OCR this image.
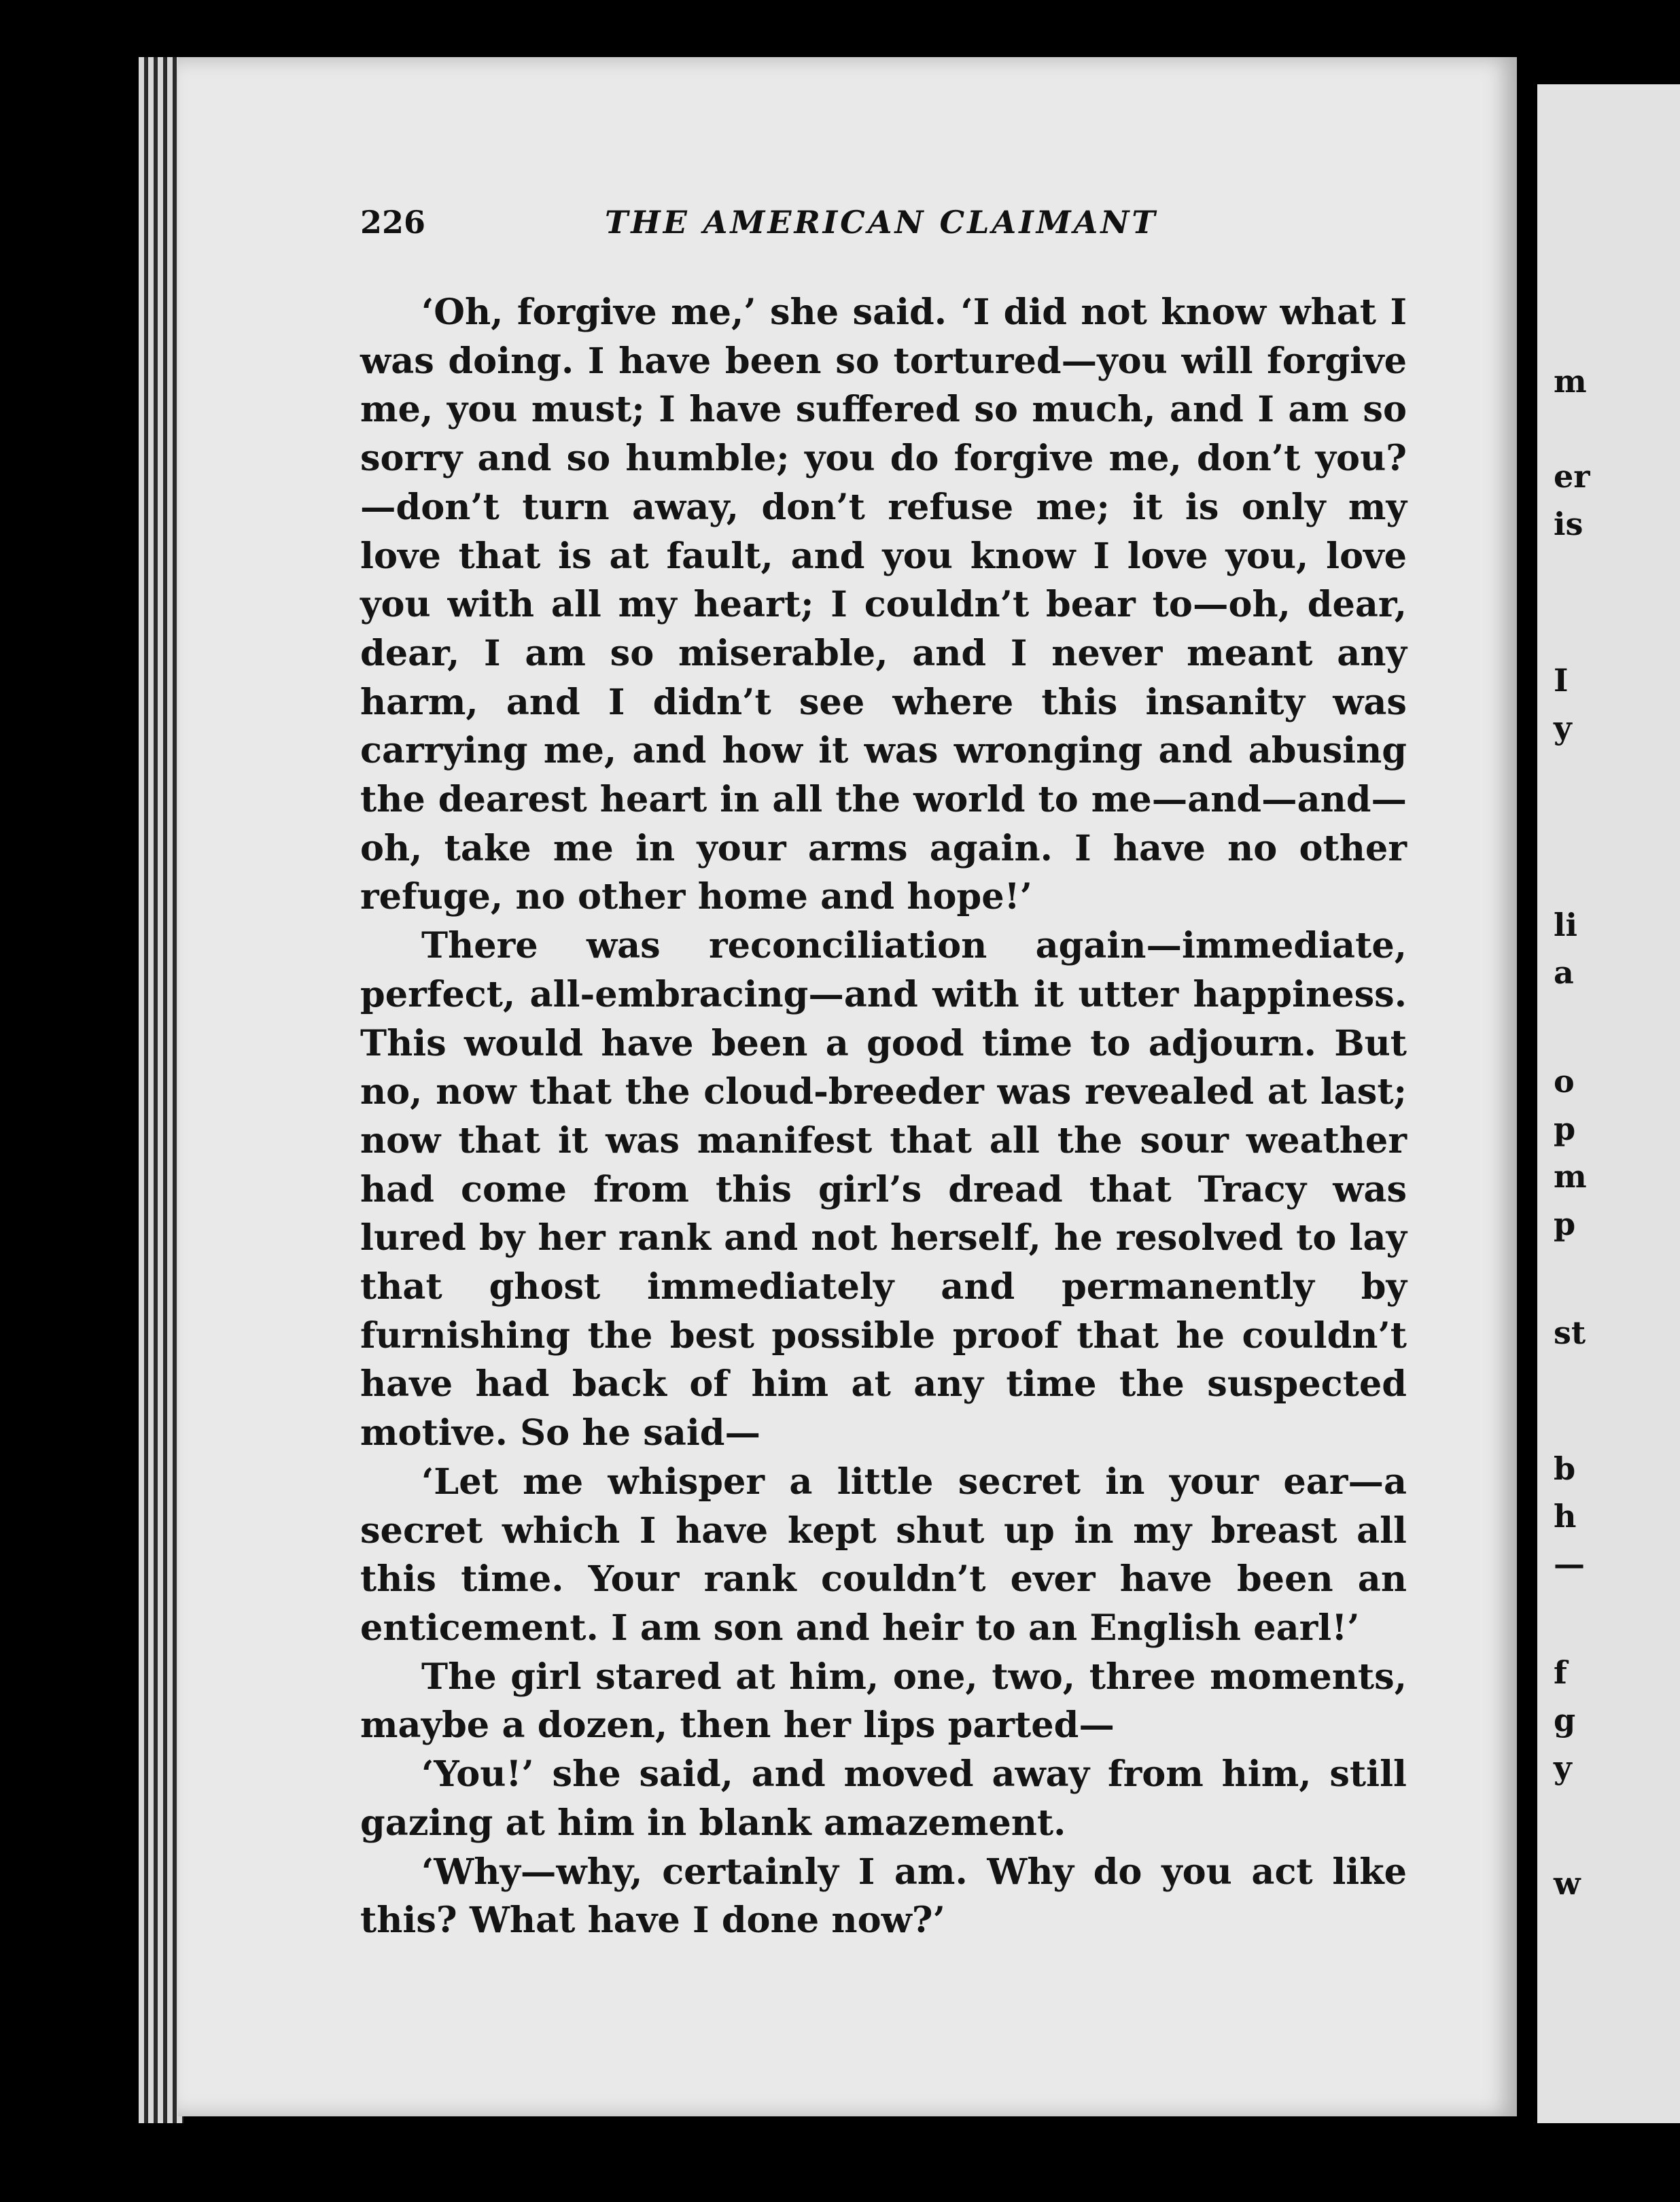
m
er
is
I
y
li
a
o
p
m
p
st
b
h
—
f
g
y
w
226	THE AMERICAN CLAIMANT

‘Oh, forgive me,’ she said. ‘I did not know what I was doing. I have been so tortured—you will forgive me, you must; I have suffered so much, and I am so sorry and so humble; you do forgive me, don’t you?—don’t turn away, don’t refuse me; it is only my love that is at fault, and you know I love you, love you with all my heart; I couldn’t bear to—oh, dear, dear, I am so miserable, and I never meant any harm, and I didn’t see where this insanity was carrying me, and how it was wronging and abusing the dearest heart in all the world to me—and—and—oh, take me in your arms again. I have no other refuge, no other home and hope!’

There was reconciliation again—immediate, perfect, all-embracing—and with it utter happiness. This would have been a good time to adjourn. But no, now that the cloud-breeder was revealed at last; now that it was manifest that all the sour weather had come from this girl’s dread that Tracy was lured by her rank and not herself, he resolved to lay that ghost immediately and permanently by furnishing the best possible proof that he couldn’t have had back of him at any time the suspected motive. So he said—

‘Let me whisper a little secret in your ear—a secret which I have kept shut up in my breast all this time. Your rank couldn’t ever have been an enticement. I am son and heir to an English earl!’

The girl stared at him, one, two, three moments, maybe a dozen, then her lips parted—

‘You!’ she said, and moved away from him, still gazing at him in blank amazement.

‘Why—why, certainly I am. Why do you act like this? What have I done now?’
